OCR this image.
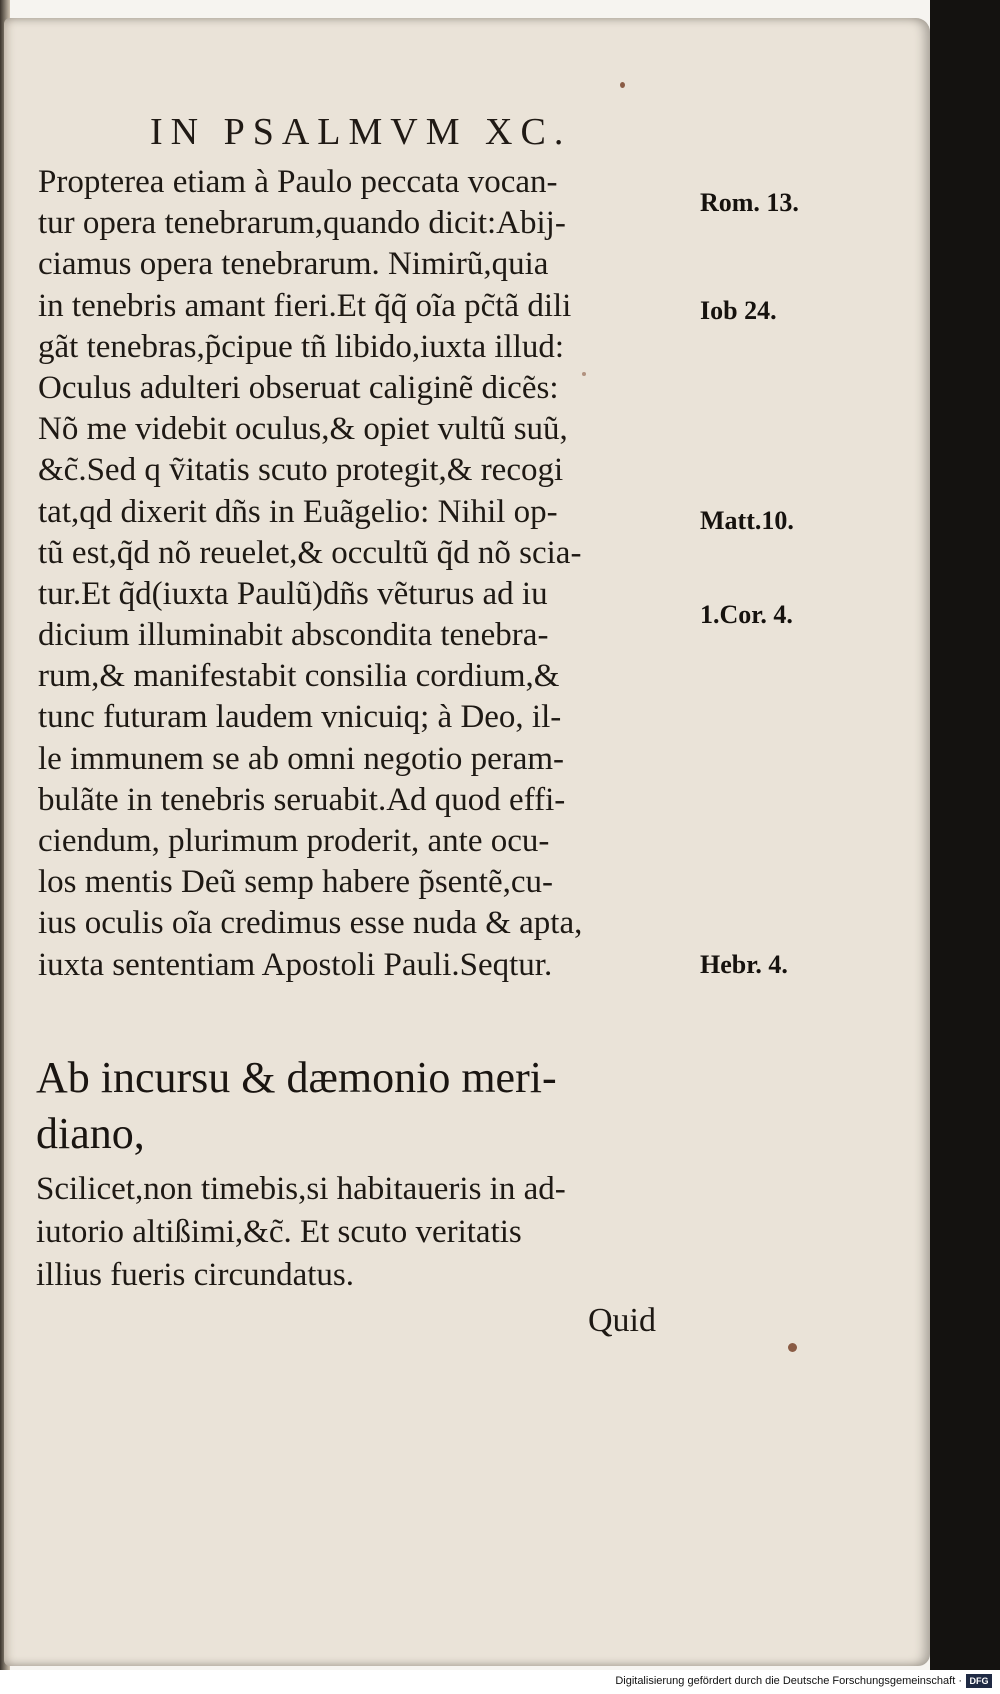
IN PSALMVM XC.
Propterea etiam à Paulo peccata vocan-
tur opera tenebrarum,quando dicit:Abij-
ciamus opera tenebrarum. Nimirũ,quia
in tenebris amant fieri.Et q̃q̃ oĩa pc̃tã dili
gãt tenebras,p̃cipue tñ libido,iuxta illud:
Oculus adulteri obseruat caliginẽ dicẽs:
Nõ me videbit oculus,& opiet vultũ suũ,
&c̃.Sed q ṽitatis scuto protegit,& recogi
tat,qd dixerit dñs in Euãgelio: Nihil op-
tũ est,q̃d nõ reuelet,& occultũ q̃d nõ scia-
tur.Et q̃d(iuxta Paulũ)dñs vẽturus ad iu
dicium illuminabit abscondita tenebra-
rum,& manifestabit consilia cordium,&
tunc futuram laudem vnicuiq; à Deo, il-
le immunem se ab omni negotio peram-
bulãte in tenebris seruabit.Ad quod effi-
ciendum, plurimum proderit, ante ocu-
los mentis Deũ semp habere p̃sentẽ,cu-
ius oculis oĩa credimus esse nuda & apta,
iuxta sententiam Apostoli Pauli.Seqtur.
Ab incursu & dæmonio meri-
diano,
Scilicet,non timebis,si habitaueris in ad-
iutorio altißimi,&c̃. Et scuto veritatis
illius fueris circundatus.
Quid
Rom. 13.
Iob 24.
Matt.10.
1.Cor. 4.
Hebr. 4.
Digitalisierung gefördert durch die Deutsche Forschungsgemeinschaft · DFG
